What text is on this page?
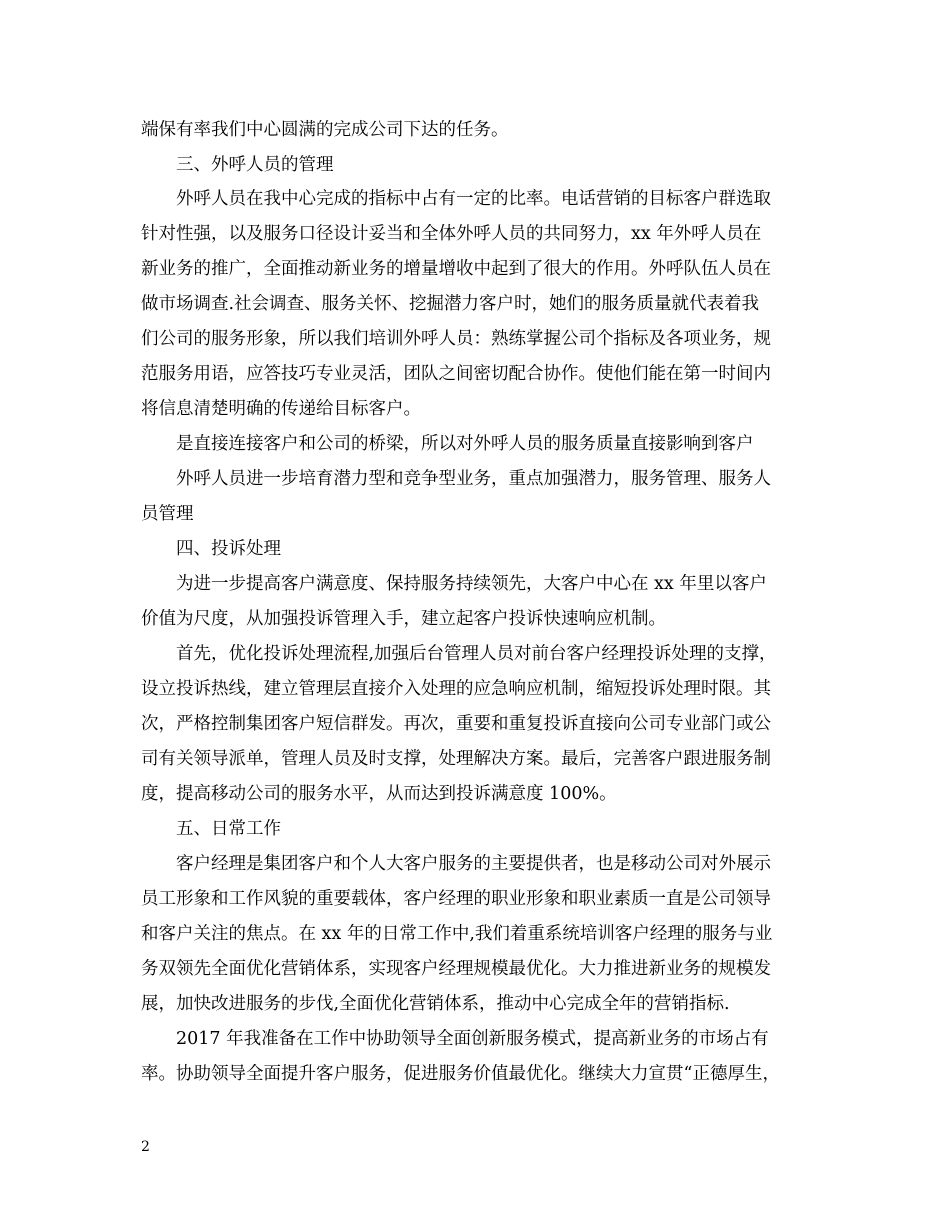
端保有率我们中心圆满的完成公司下达的任务。
三、外呼人员的管理
外呼人员在我中心完成的指标中占有一定的比率。电话营销的目标客户群选取
针对性强，以及服务口径设计妥当和全体外呼人员的共同努力，xx 年外呼人员在
新业务的推广，全面推动新业务的增量增收中起到了很大的作用。外呼队伍人员在
做市场调查.社会调查、服务关怀、挖掘潜力客户时，她们的服务质量就代表着我
们公司的服务形象，所以我们培训外呼人员：熟练掌握公司个指标及各项业务，规
范服务用语，应答技巧专业灵活，团队之间密切配合协作。使他们能在第一时间内
将信息清楚明确的传递给目标客户。
是直接连接客户和公司的桥梁，所以对外呼人员的服务质量直接影响到客户
外呼人员进一步培育潜力型和竞争型业务，重点加强潜力，服务管理、服务人
员管理
四、投诉处理
为进一步提高客户满意度、保持服务持续领先，大客户中心在 xx 年里以客户
价值为尺度，从加强投诉管理入手，建立起客户投诉快速响应机制。
首先，优化投诉处理流程,加强后台管理人员对前台客户经理投诉处理的支撑，
设立投诉热线，建立管理层直接介入处理的应急响应机制，缩短投诉处理时限。其
次，严格控制集团客户短信群发。再次，重要和重复投诉直接向公司专业部门或公
司有关领导派单，管理人员及时支撑，处理解决方案。最后，完善客户跟进服务制
度，提高移动公司的服务水平，从而达到投诉满意度 100%。
五、日常工作
客户经理是集团客户和个人大客户服务的主要提供者，也是移动公司对外展示
员工形象和工作风貌的重要载体，客户经理的职业形象和职业素质一直是公司领导
和客户关注的焦点。在 xx 年的日常工作中,我们着重系统培训客户经理的服务与业
务双领先全面优化营销体系，实现客户经理规模最优化。大力推进新业务的规模发
展，加快改进服务的步伐,全面优化营销体系，推动中心完成全年的营销指标.
2017 年我准备在工作中协助领导全面创新服务模式，提高新业务的市场占有
率。协助领导全面提升客户服务，促进服务价值最优化。继续大力宣贯“正德厚生，
2
